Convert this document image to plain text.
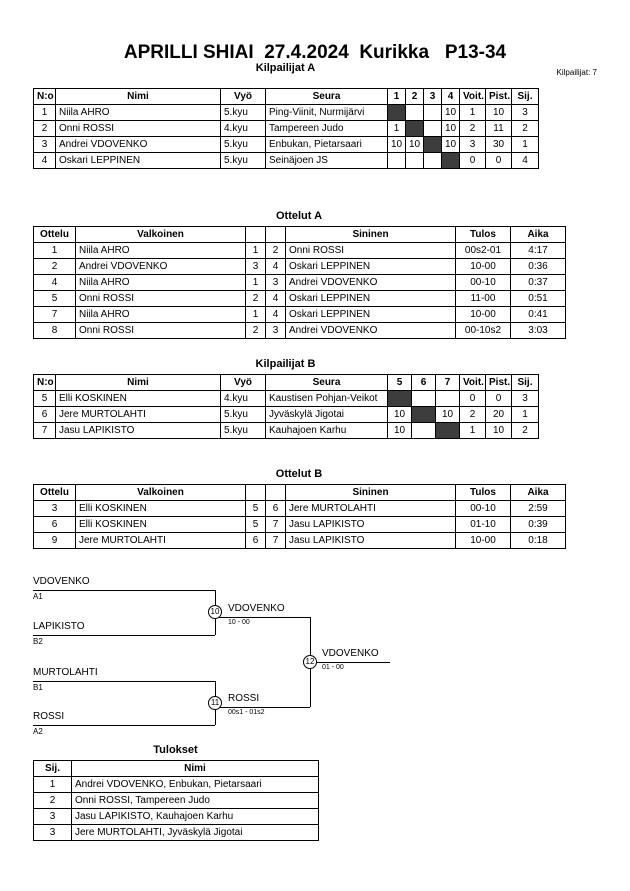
APRILLI SHIAI  27.4.2024  Kurikka   P13-34
Kilpailijat A	Kilpailijat: 7
N:o	Nimi	Vyö	Seura	1	2	3	4	Voit.	Pist.	Sij.
1	Niila AHRO	5.kyu	Ping-Viinit, Nurmijärvi				10	1	10	3
2	Onni ROSSI	4.kyu	Tampereen Judo	1			10	2	11	2
3	Andrei VDOVENKO	5.kyu	Enbukan, Pietarsaari	10	10		10	3	30	1
4	Oskari LEPPINEN	5.kyu	Seinäjoen JS					0	0	4
Ottelut A
Ottelu	Valkoinen			Sininen	Tulos	Aika
1	Niila AHRO	1	2	Onni ROSSI	00s2-01	4:17
2	Andrei VDOVENKO	3	4	Oskari LEPPINEN	10-00	0:36
4	Niila AHRO	1	3	Andrei VDOVENKO	00-10	0:37
5	Onni ROSSI	2	4	Oskari LEPPINEN	11-00	0:51
7	Niila AHRO	1	4	Oskari LEPPINEN	10-00	0:41
8	Onni ROSSI	2	3	Andrei VDOVENKO	00-10s2	3:03
Kilpailijat B
N:o	Nimi	Vyö	Seura	5	6	7	Voit.	Pist.	Sij.
5	Elli KOSKINEN	4.kyu	Kaustisen Pohjan-Veikot				0	0	3
6	Jere MURTOLAHTI	5.kyu	Jyväskylä Jigotai	10		10	2	20	1
7	Jasu LAPIKISTO	5.kyu	Kauhajoen Karhu	10			1	10	2
Ottelut B
Ottelu	Valkoinen			Sininen	Tulos	Aika
3	Elli KOSKINEN	5	6	Jere MURTOLAHTI	00-10	2:59
6	Elli KOSKINEN	5	7	Jasu LAPIKISTO	01-10	0:39
9	Jere MURTOLAHTI	6	7	Jasu LAPIKISTO	10-00	0:18
VDOVENKO
A1
LAPIKISTO
B2
MURTOLAHTI
B1
ROSSI
A2
10 VDOVENKO
10 - 00
11 ROSSI
00s1 - 01s2
12
VDOVENKO
01 - 00
Tulokset
Sij.	Nimi
1	Andrei VDOVENKO, Enbukan, Pietarsaari
2	Onni ROSSI, Tampereen Judo
3	Jasu LAPIKISTO, Kauhajoen Karhu
3	Jere MURTOLAHTI, Jyväskylä Jigotai
